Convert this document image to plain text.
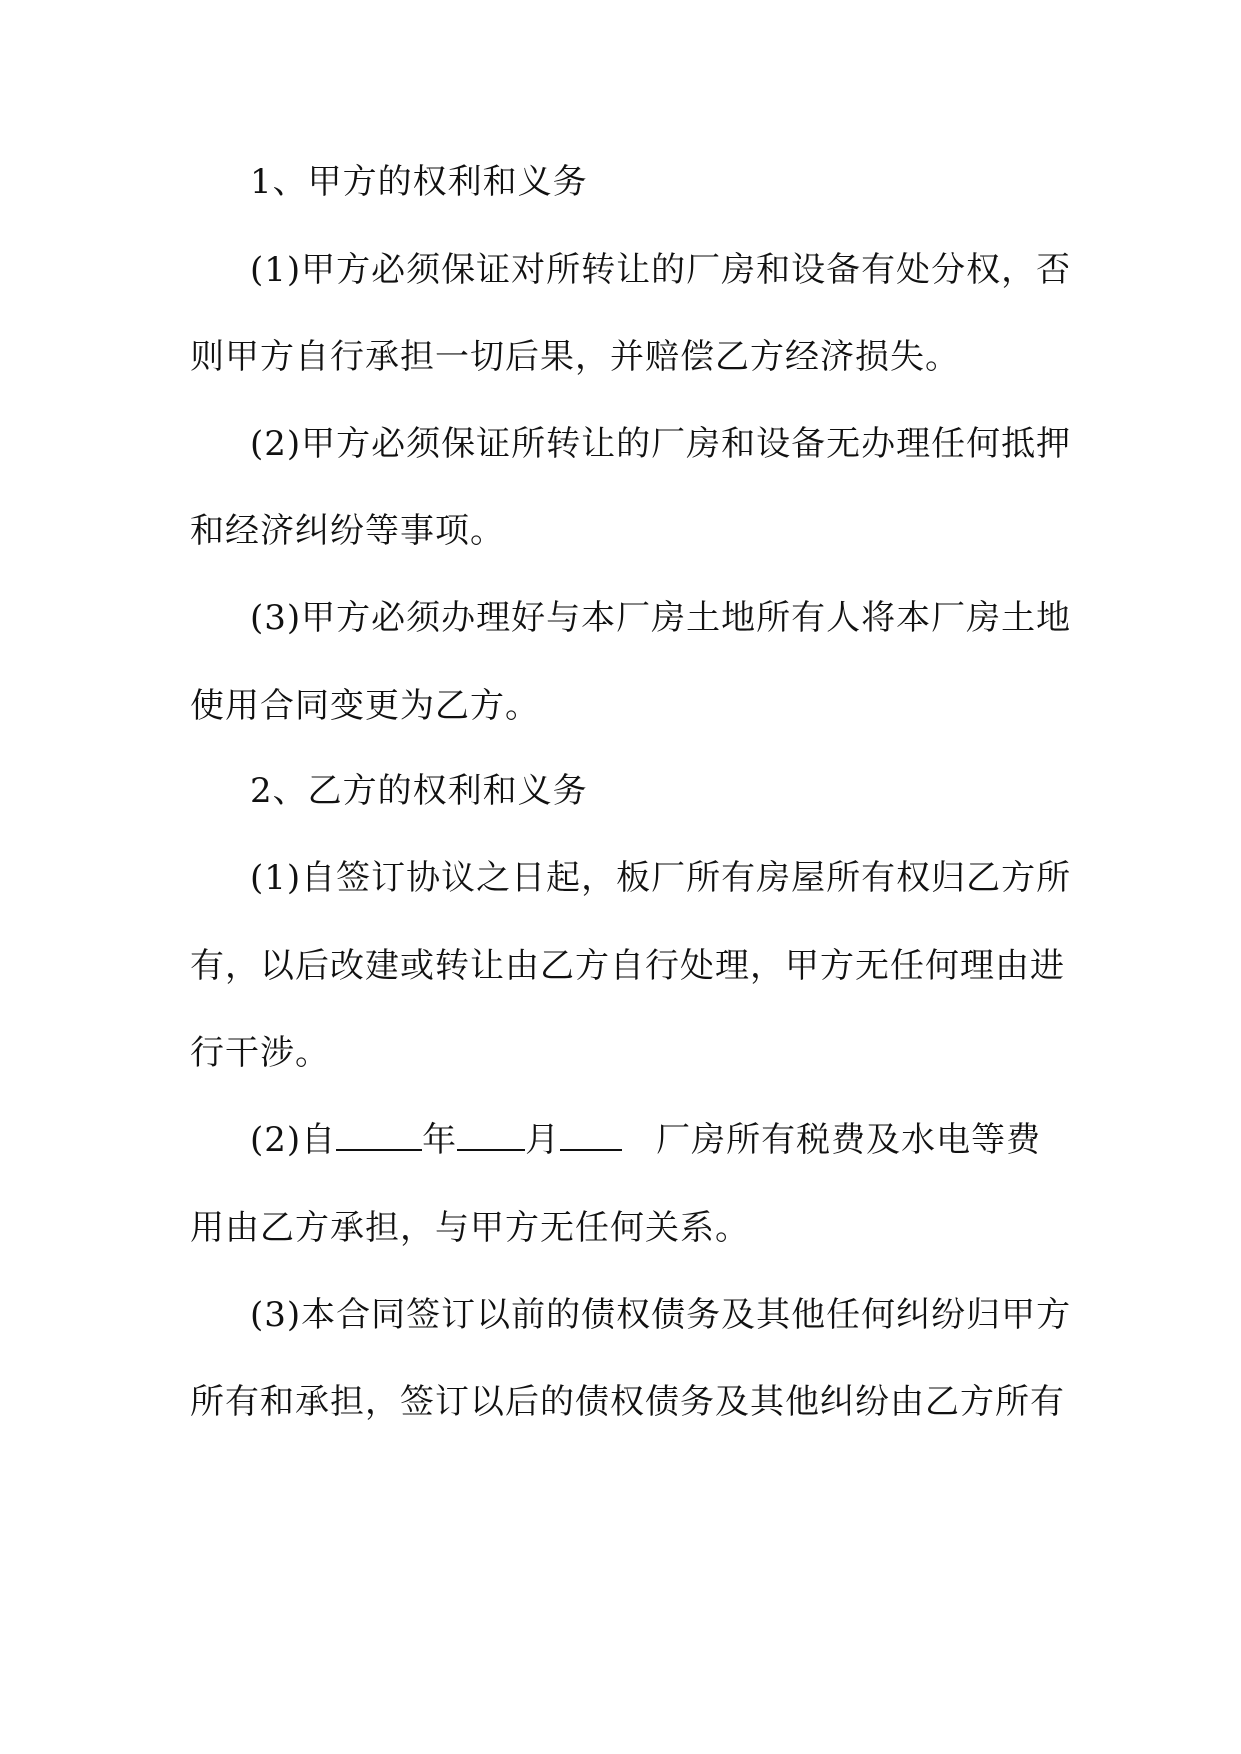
1、甲方的权利和义务
(1)甲方必须保证对所转让的厂房和设备有处分权，否
则甲方自行承担一切后果，并赔偿乙方经济损失。
(2)甲方必须保证所转让的厂房和设备无办理任何抵押
和经济纠纷等事项。
(3)甲方必须办理好与本厂房土地所有人将本厂房土地
使用合同变更为乙方。
2、乙方的权利和义务
(1)自签订协议之日起，板厂所有房屋所有权归乙方所
有，以后改建或转让由乙方自行处理，甲方无任何理由进
行干涉。
(2)自	年 月	厂房所有税费及水电等费
用由乙方承担，与甲方无任何关系。
(3)本合同签订以前的债权债务及其他任何纠纷归甲方
所有和承担，签订以后的债权债务及其他纠纷由乙方所有
